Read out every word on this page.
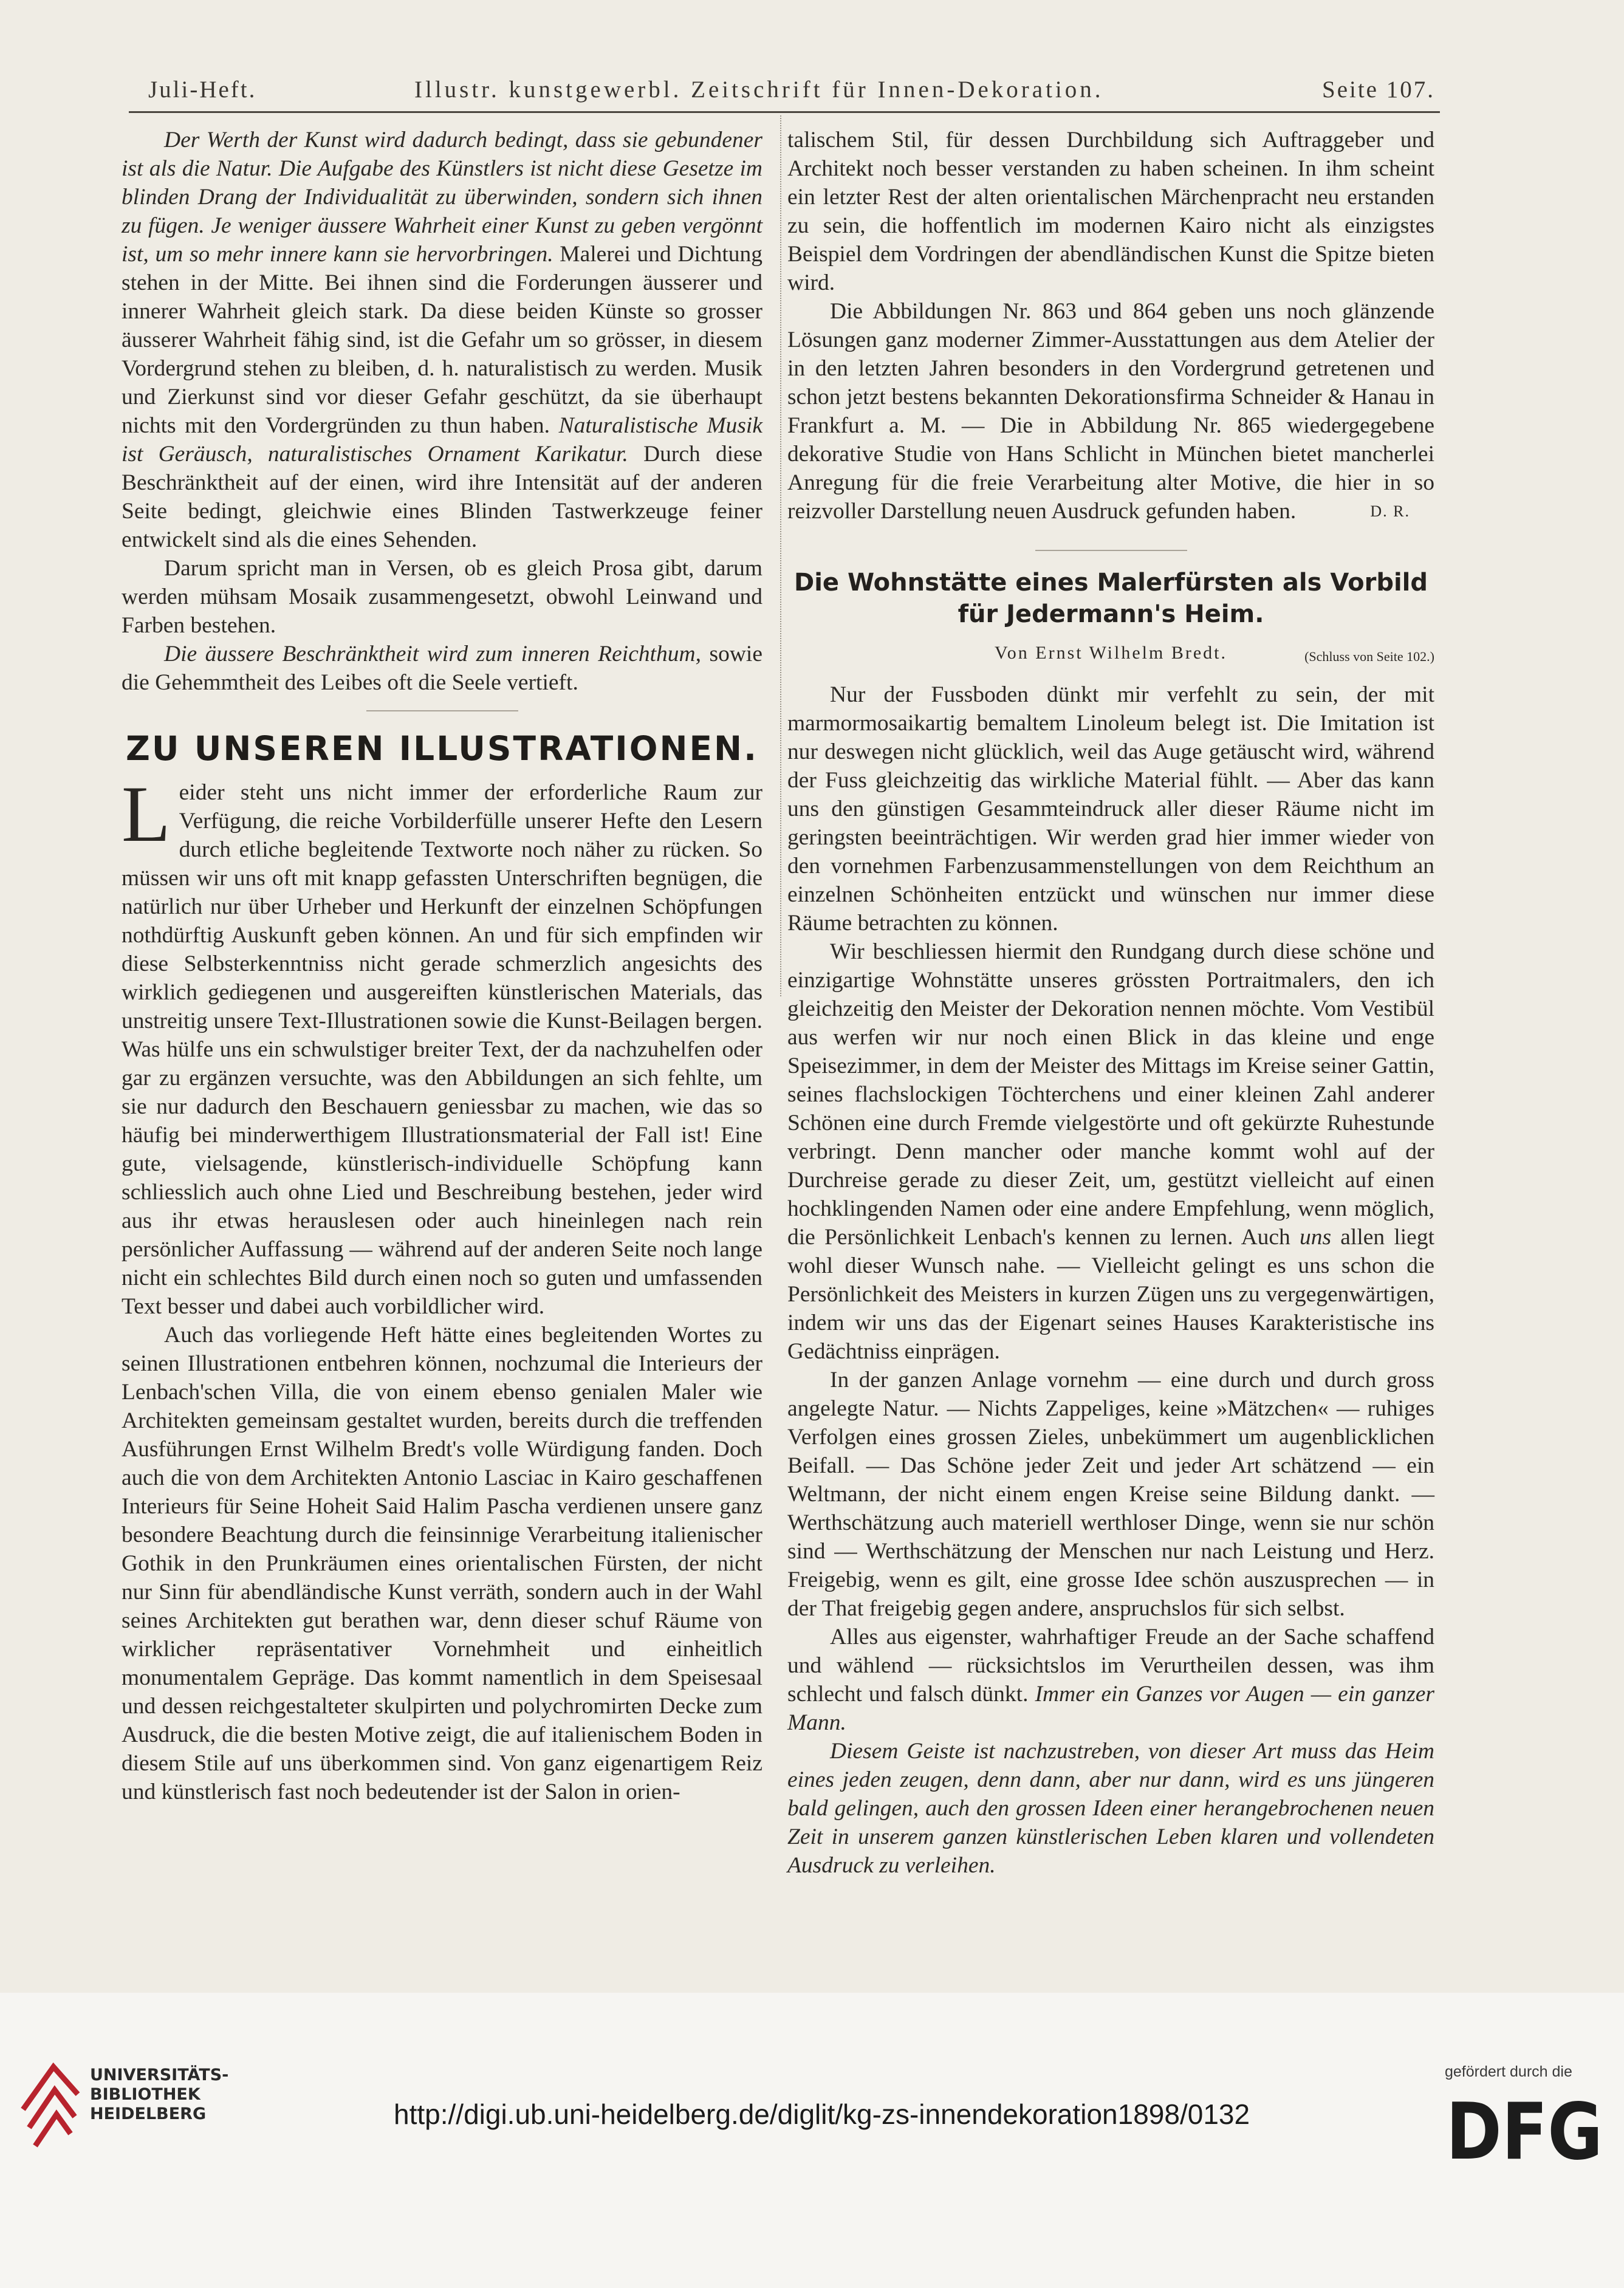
Juli-Heft.	Illustr. kunstgewerbl. Zeitschrift für Innen-Dekoration.	Seite 107.

Der Werth der Kunst wird dadurch bedingt, dass sie gebundener ist als die Natur. Die Aufgabe des Künstlers ist nicht diese Gesetze im blinden Drang der Individualität zu überwinden, sondern sich ihnen zu fügen. Je weniger äussere Wahrheit einer Kunst zu geben vergönnt ist, um so mehr innere kann sie hervorbringen. Malerei und Dichtung stehen in der Mitte. Bei ihnen sind die Forderungen äusserer und innerer Wahrheit gleich stark. Da diese beiden Künste so grosser äusserer Wahrheit fähig sind, ist die Gefahr um so grösser, in diesem Vordergrund stehen zu bleiben, d. h. naturalistisch zu werden. Musik und Zierkunst sind vor dieser Gefahr geschützt, da sie überhaupt nichts mit den Vordergründen zu thun haben. Naturalistische Musik ist Geräusch, naturalistisches Ornament Karikatur. Durch diese Beschränktheit auf der einen, wird ihre Intensität auf der anderen Seite bedingt, gleichwie eines Blinden Tastwerkzeuge feiner entwickelt sind als die eines Sehenden.

Darum spricht man in Versen, ob es gleich Prosa gibt, darum werden mühsam Mosaik zusammengesetzt, obwohl Leinwand und Farben bestehen.

Die äussere Beschränktheit wird zum inneren Reichthum, sowie die Gehemmtheit des Leibes oft die Seele vertieft.

ZU UNSEREN ILLUSTRATIONEN.

Leider steht uns nicht immer der erforderliche Raum zur Verfügung, die reiche Vorbilderfülle unserer Hefte den Lesern durch etliche begleitende Textworte noch näher zu rücken. So müssen wir uns oft mit knapp gefassten Unterschriften begnügen, die natürlich nur über Urheber und Herkunft der einzelnen Schöpfungen nothdürftig Auskunft geben können. An und für sich empfinden wir diese Selbsterkenntniss nicht gerade schmerzlich angesichts des wirklich gediegenen und ausgereiften künstlerischen Materials, das unstreitig unsere Text-Illustrationen sowie die Kunst-Beilagen bergen. Was hülfe uns ein schwulstiger breiter Text, der da nachzuhelfen oder gar zu ergänzen versuchte, was den Abbildungen an sich fehlte, um sie nur dadurch den Beschauern geniessbar zu machen, wie das so häufig bei minderwerthigem Illustrationsmaterial der Fall ist! Eine gute, vielsagende, künstlerisch-individuelle Schöpfung kann schliesslich auch ohne Lied und Beschreibung bestehen, jeder wird aus ihr etwas herauslesen oder auch hineinlegen nach rein persönlicher Auffassung — während auf der anderen Seite noch lange nicht ein schlechtes Bild durch einen noch so guten und umfassenden Text besser und dabei auch vorbildlicher wird.

Auch das vorliegende Heft hätte eines begleitenden Wortes zu seinen Illustrationen entbehren können, nochzumal die Interieurs der Lenbach'schen Villa, die von einem ebenso genialen Maler wie Architekten gemeinsam gestaltet wurden, bereits durch die treffenden Ausführungen Ernst Wilhelm Bredt's volle Würdigung fanden. Doch auch die von dem Architekten Antonio Lasciac in Kairo geschaffenen Interieurs für Seine Hoheit Said Halim Pascha verdienen unsere ganz besondere Beachtung durch die feinsinnige Verarbeitung italienischer Gothik in den Prunkräumen eines orientalischen Fürsten, der nicht nur Sinn für abendländische Kunst verräth, sondern auch in der Wahl seines Architekten gut berathen war, denn dieser schuf Räume von wirklicher repräsentativer Vornehmheit und einheitlich monumentalem Gepräge. Das kommt namentlich in dem Speisesaal und dessen reichgestalteter skulpirten und polychromirten Decke zum Ausdruck, die die besten Motive zeigt, die auf italienischem Boden in diesem Stile auf uns überkommen sind. Von ganz eigenartigem Reiz und künstlerisch fast noch bedeutender ist der Salon in orien-

talischem Stil, für dessen Durchbildung sich Auftraggeber und Architekt noch besser verstanden zu haben scheinen. In ihm scheint ein letzter Rest der alten orientalischen Märchenpracht neu erstanden zu sein, die hoffentlich im modernen Kairo nicht als einzigstes Beispiel dem Vordringen der abendländischen Kunst die Spitze bieten wird.

Die Abbildungen Nr. 863 und 864 geben uns noch glänzende Lösungen ganz moderner Zimmer-Ausstattungen aus dem Atelier der in den letzten Jahren besonders in den Vordergrund getretenen und schon jetzt bestens bekannten Dekorationsfirma Schneider & Hanau in Frankfurt a. M. — Die in Abbildung Nr. 865 wiedergegebene dekorative Studie von Hans Schlicht in München bietet mancherlei Anregung für die freie Verarbeitung alter Motive, die hier in so reizvoller Darstellung neuen Ausdruck gefunden haben.	D. R.

Die Wohnstätte eines Malerfürsten als Vorbild für Jedermann's Heim.
Von Ernst Wilhelm Bredt.	(Schluss von Seite 102.)

Nur der Fussboden dünkt mir verfehlt zu sein, der mit marmormosaikartig bemaltem Linoleum belegt ist. Die Imitation ist nur deswegen nicht glücklich, weil das Auge getäuscht wird, während der Fuss gleichzeitig das wirkliche Material fühlt. — Aber das kann uns den günstigen Gesammteindruck aller dieser Räume nicht im geringsten beeinträchtigen. Wir werden grad hier immer wieder von den vornehmen Farbenzusammenstellungen von dem Reichthum an einzelnen Schönheiten entzückt und wünschen nur immer diese Räume betrachten zu können.

Wir beschliessen hiermit den Rundgang durch diese schöne und einzigartige Wohnstätte unseres grössten Portraitmalers, den ich gleichzeitig den Meister der Dekoration nennen möchte. Vom Vestibül aus werfen wir nur noch einen Blick in das kleine und enge Speisezimmer, in dem der Meister des Mittags im Kreise seiner Gattin, seines flachslockigen Töchterchens und einer kleinen Zahl anderer Schönen eine durch Fremde vielgestörte und oft gekürzte Ruhestunde verbringt. Denn mancher oder manche kommt wohl auf der Durchreise gerade zu dieser Zeit, um, gestützt vielleicht auf einen hochklingenden Namen oder eine andere Empfehlung, wenn möglich, die Persönlichkeit Lenbach's kennen zu lernen. Auch uns allen liegt wohl dieser Wunsch nahe. — Vielleicht gelingt es uns schon die Persönlichkeit des Meisters in kurzen Zügen uns zu vergegenwärtigen, indem wir uns das der Eigenart seines Hauses Karakteristische ins Gedächtniss einprägen.

In der ganzen Anlage vornehm — eine durch und durch gross angelegte Natur. — Nichts Zappeliges, keine »Mätzchen« — ruhiges Verfolgen eines grossen Zieles, unbekümmert um augenblicklichen Beifall. — Das Schöne jeder Zeit und jeder Art schätzend — ein Weltmann, der nicht einem engen Kreise seine Bildung dankt. — Werthschätzung auch materiell werthloser Dinge, wenn sie nur schön sind — Werthschätzung der Menschen nur nach Leistung und Herz. Freigebig, wenn es gilt, eine grosse Idee schön auszusprechen — in der That freigebig gegen andere, anspruchslos für sich selbst.

Alles aus eigenster, wahrhaftiger Freude an der Sache schaffend und wählend — rücksichtslos im Verurtheilen dessen, was ihm schlecht und falsch dünkt. Immer ein Ganzes vor Augen — ein ganzer Mann.

Diesem Geiste ist nachzustreben, von dieser Art muss das Heim eines jeden zeugen, denn dann, aber nur dann, wird es uns jüngeren bald gelingen, auch den grossen Ideen einer herangebrochenen neuen Zeit in unserem ganzen künstlerischen Leben klaren und vollendeten Ausdruck zu verleihen.

UNIVERSITÄTS-
BIBLIOTHEK
HEIDELBERG	http://digi.ub.uni-heidelberg.de/diglit/kg-zs-innendekoration1898/0132
gefördert durch die
DFG
